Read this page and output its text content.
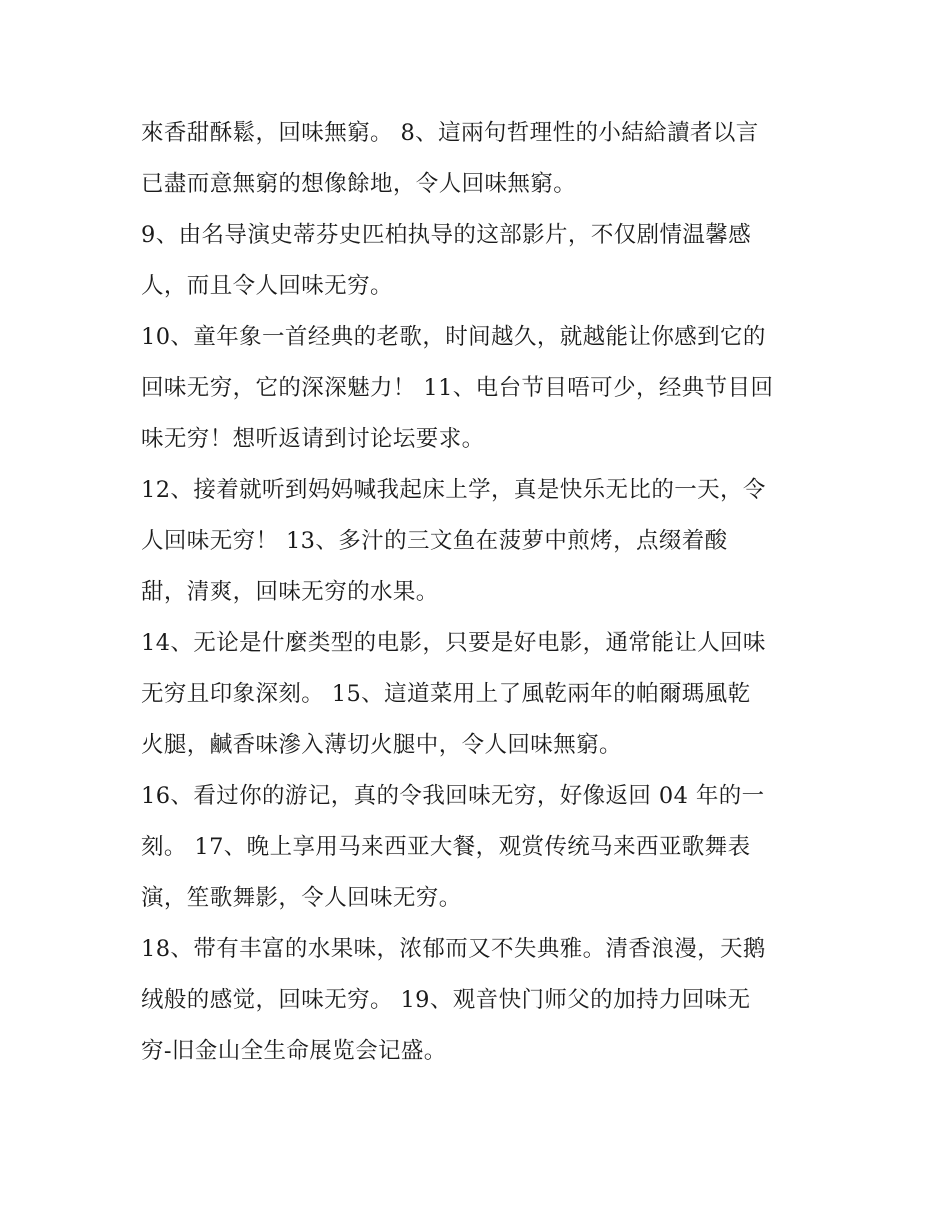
來香甜酥鬆，回味無窮。 8、這兩句哲理性的小結給讀者以言
已盡而意無窮的想像餘地，令人回味無窮。
9、由名导演史蒂芬史匹柏执导的这部影片，不仅剧情温馨感
人，而且令人回味无穷。
10、童年象一首经典的老歌，时间越久，就越能让你感到它的
回味无穷，它的深深魅力！ 11、电台节目唔可少，经典节目回
味无穷！想听返请到讨论坛要求。
12、接着就听到妈妈喊我起床上学，真是快乐无比的一天，令
人回味无穷！ 13、多汁的三文鱼在菠萝中煎烤，点缀着酸
甜，清爽，回味无穷的水果。
14、无论是什麼类型的电影，只要是好电影，通常能让人回味
无穷且印象深刻。 15、這道菜用上了風乾兩年的帕爾瑪風乾
火腿，鹹香味滲入薄切火腿中，令人回味無窮。
16、看过你的游记，真的令我回味无穷，好像返回 04 年的一
刻。 17、晚上享用马来西亚大餐，观赏传统马来西亚歌舞表
演，笙歌舞影，令人回味无穷。
18、带有丰富的水果味，浓郁而又不失典雅。清香浪漫，天鹅
绒般的感觉，回味无穷。 19、观音快门师父的加持力回味无
穷-旧金山全生命展览会记盛。
